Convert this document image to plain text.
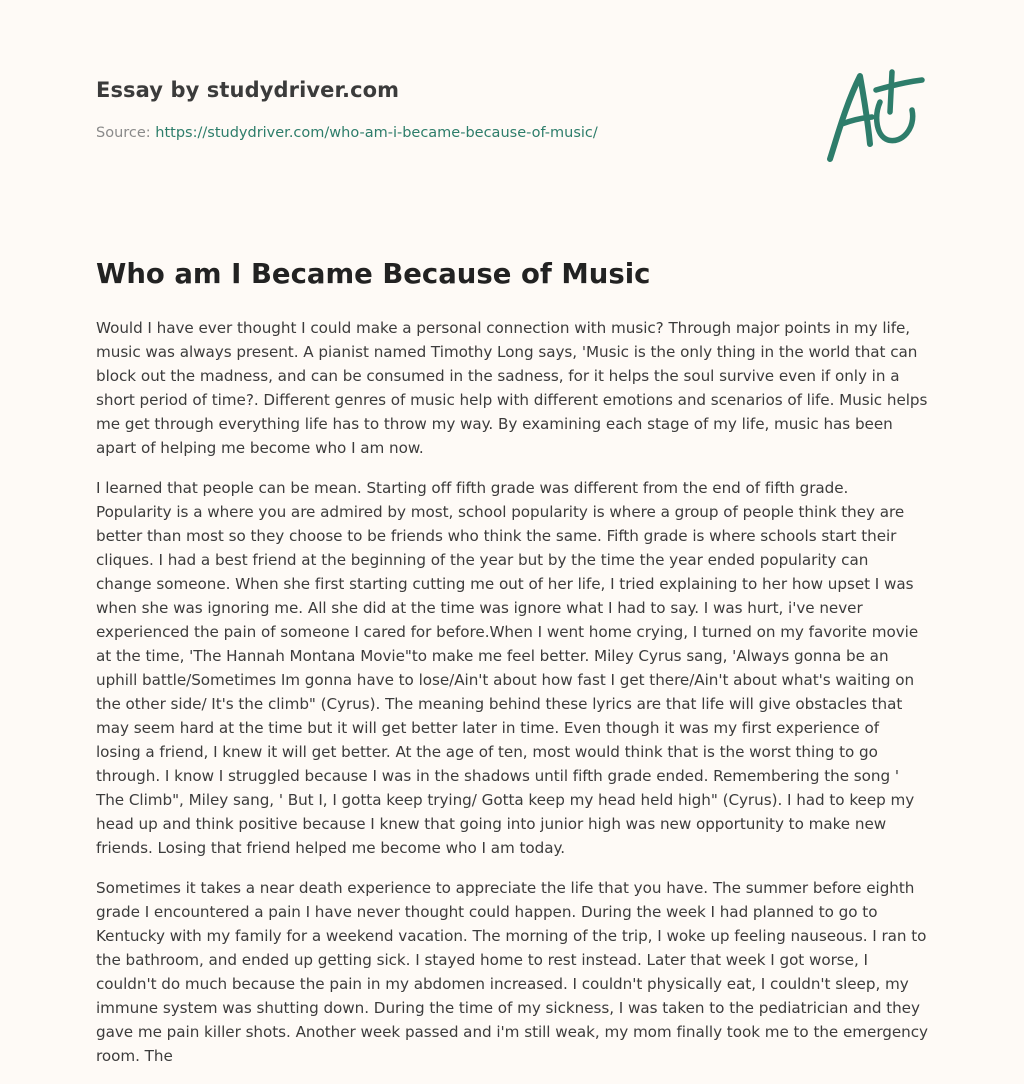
Essay by studydriver.com
Source: https://studydriver.com/who-am-i-became-because-of-music/
Who am I Became Because of Music

Would I have ever thought I could make a personal connection with music? Through major points in my life, music was always present. A pianist named Timothy Long says, 'Music is the only thing in the world that can block out the madness, and can be consumed in the sadness, for it helps the soul survive even if only in a short period of time?. Different genres of music help with different emotions and scenarios of life. Music helps me get through everything life has to throw my way. By examining each stage of my life, music has been apart of helping me become who I am now.

I learned that people can be mean. Starting off fifth grade was different from the end of fifth grade. Popularity is a where you are admired by most, school popularity is where a group of people think they are better than most so they choose to be friends who think the same. Fifth grade is where schools start their cliques. I had a best friend at the beginning of the year but by the time the year ended popularity can change someone. When she first starting cutting me out of her life, I tried explaining to her how upset I was when she was ignoring me. All she did at the time was ignore what I had to say. I was hurt, i've never experienced the pain of someone I cared for before.When I went home crying, I turned on my favorite movie at the time, 'The Hannah Montana Movie"to make me feel better. Miley Cyrus sang, 'Always gonna be an uphill battle/Sometimes Im gonna have to lose/Ain't about how fast I get there/Ain't about what's waiting on the other side/ It's the climb" (Cyrus). The meaning behind these lyrics are that life will give obstacles that may seem hard at the time but it will get better later in time. Even though it was my first experience of losing a friend, I knew it will get better. At the age of ten, most would think that is the worst thing to go through. I know I struggled because I was in the shadows until fifth grade ended. Remembering the song ' The Climb", Miley sang, ' But I, I gotta keep trying/ Gotta keep my head held high" (Cyrus). I had to keep my head up and think positive because I knew that going into junior high was new opportunity to make new friends. Losing that friend helped me become who I am today.

Sometimes it takes a near death experience to appreciate the life that you have. The summer before eighth grade I encountered a pain I have never thought could happen. During the week I had planned to go to Kentucky with my family for a weekend vacation. The morning of the trip, I woke up feeling nauseous. I ran to the bathroom, and ended up getting sick. I stayed home to rest instead. Later that week I got worse, I couldn't do much because the pain in my abdomen increased. I couldn't physically eat, I couldn't sleep, my immune system was shutting down. During the time of my sickness, I was taken to the pediatrician and they gave me pain killer shots. Another week passed and i'm still weak, my mom finally took me to the emergency room. The
